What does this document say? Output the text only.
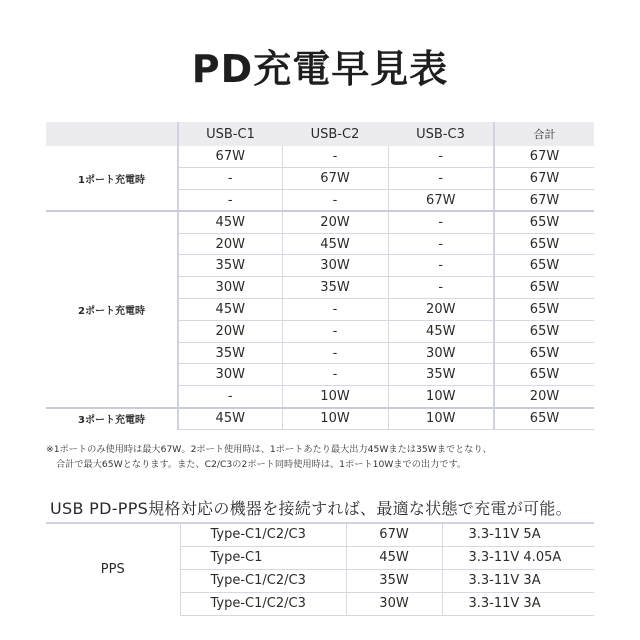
PD充電早見表
	USB-C1	USB-C2	USB-C3	合計
1ポート充電時	67W	-	-	67W
	-	67W	-	67W
	-	-	67W	67W
2ポート充電時	45W	20W	-	65W
	20W	45W	-	65W
	35W	30W	-	65W
	30W	35W	-	65W
	45W	-	20W	65W
	20W	-	45W	65W
	35W	-	30W	65W
	30W	-	35W	65W
	-	10W	10W	20W
3ポート充電時	45W	10W	10W	65W
※1ポートのみ使用時は最大67W。2ポート使用時は、1ポートあたり最大出力45Wまたは35Wまでとなり、
合計で最大65Wとなります。また、C2/C3の2ポート同時使用時は、1ポート10Wまでの出力です。
USB PD-PPS規格対応の機器を接続すれば、最適な状態で充電が可能。
PPS	Type-C1/C2/C3	67W	3.3-11V 5A
	Type-C1	45W	3.3-11V 4.05A
	Type-C1/C2/C3	35W	3.3-11V 3A
	Type-C1/C2/C3	30W	3.3-11V 3A
